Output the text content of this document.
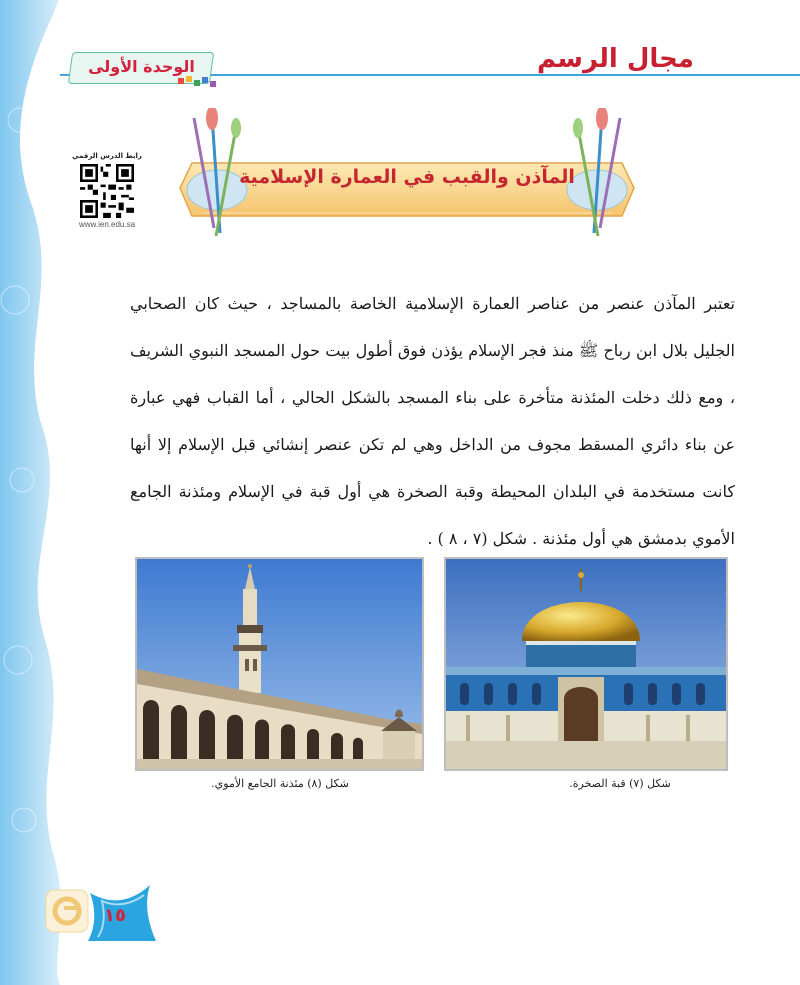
الوحدة الأولى	مجال الرسم
رابط الدرس الرقمي
www.ien.edu.sa
المآذن والقبب في العمارة الإسلامية
تعتبر المآذن عنصر من عناصر العمارة الإسلامية الخاصة بالمساجد ، حيث كان الصحابي الجليل بلال ابن رباح ﷺ منذ فجر الإسلام يؤذن فوق أطول بيت حول المسجد النبوي الشريف ، ومع ذلك دخلت المئذنة متأخرة على بناء المسجد بالشكل الحالي ، أما القباب فهي عبارة عن بناء دائري المسقط مجوف من الداخل وهي لم تكن عنصر إنشائي قبل الإسلام إلا أنها كانت مستخدمة في البلدان المحيطة وقبة الصخرة هي أول قبة في الإسلام ومئذنة الجامع الأموي بدمشق هي أول مئذنة . شكل (٧ ، ٨ ) .
شكل (٧) قبة الصخرة.
شكل (٨) مئذنة الجامع الأموي.
١٥
